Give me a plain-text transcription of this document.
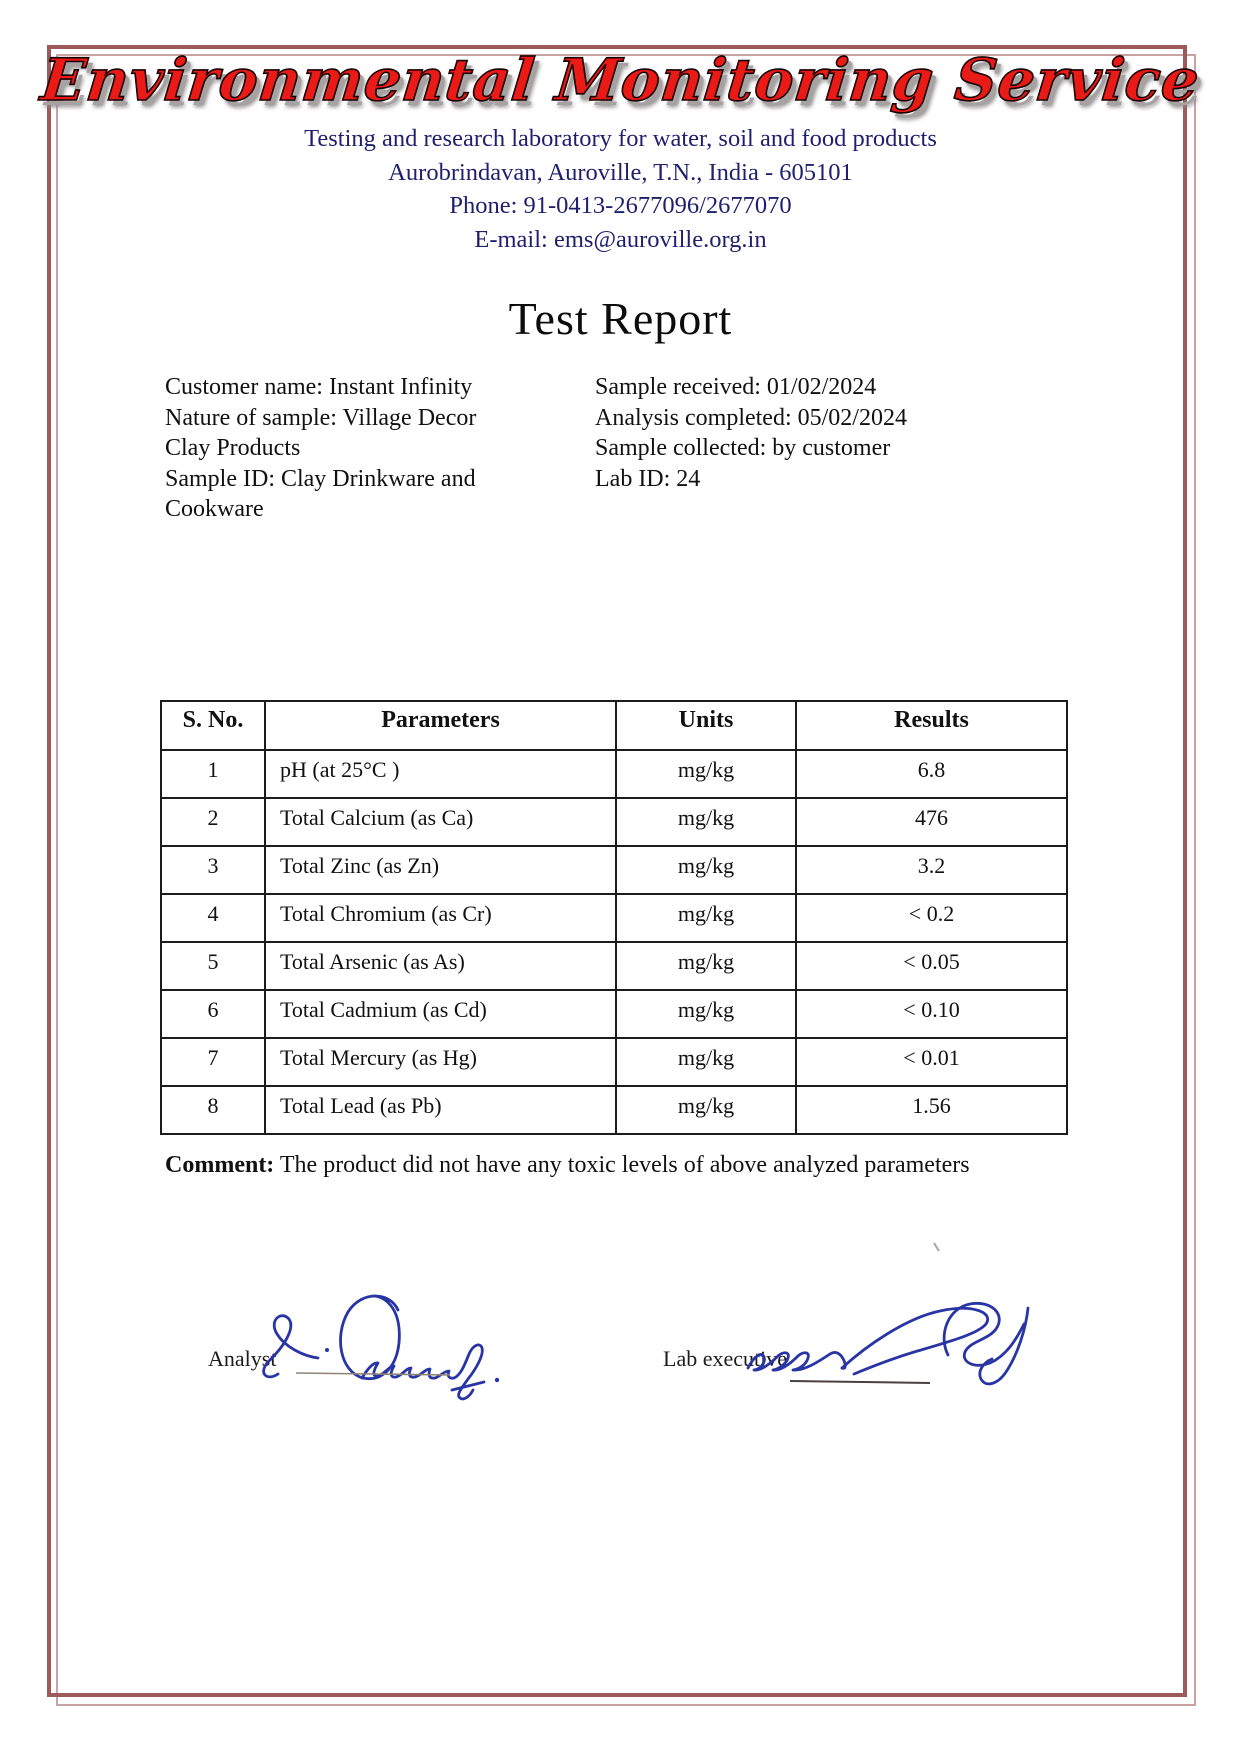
Environmental Monitoring Service
Testing and research laboratory for water, soil and food products
Aurobrindavan, Auroville, T.N., India - 605101
Phone: 91-0413-2677096/2677070
E-mail: ems@auroville.org.in
Test Report

Customer name: Instant Infinity

Nature of sample: Village Decor Clay Products

Sample ID: Clay Drinkware and Cookware

Sample received: 01/02/2024

Analysis completed: 05/02/2024

Sample collected: by customer

Lab ID: 24

S. No.	Parameters	Units	Results
1	pH (at 25°C )	mg/kg	6.8
2	Total Calcium (as Ca)	mg/kg	476
3	Total Zinc (as Zn)	mg/kg	3.2
4	Total Chromium (as Cr)	mg/kg	< 0.2
5	Total Arsenic (as As)	mg/kg	< 0.05
6	Total Cadmium (as Cd)	mg/kg	< 0.10
7	Total Mercury (as Hg)	mg/kg	< 0.01
8	Total Lead (as Pb)	mg/kg	1.56
Comment: The product did not have any toxic levels of above analyzed parameters
Analyst	Lab executive
